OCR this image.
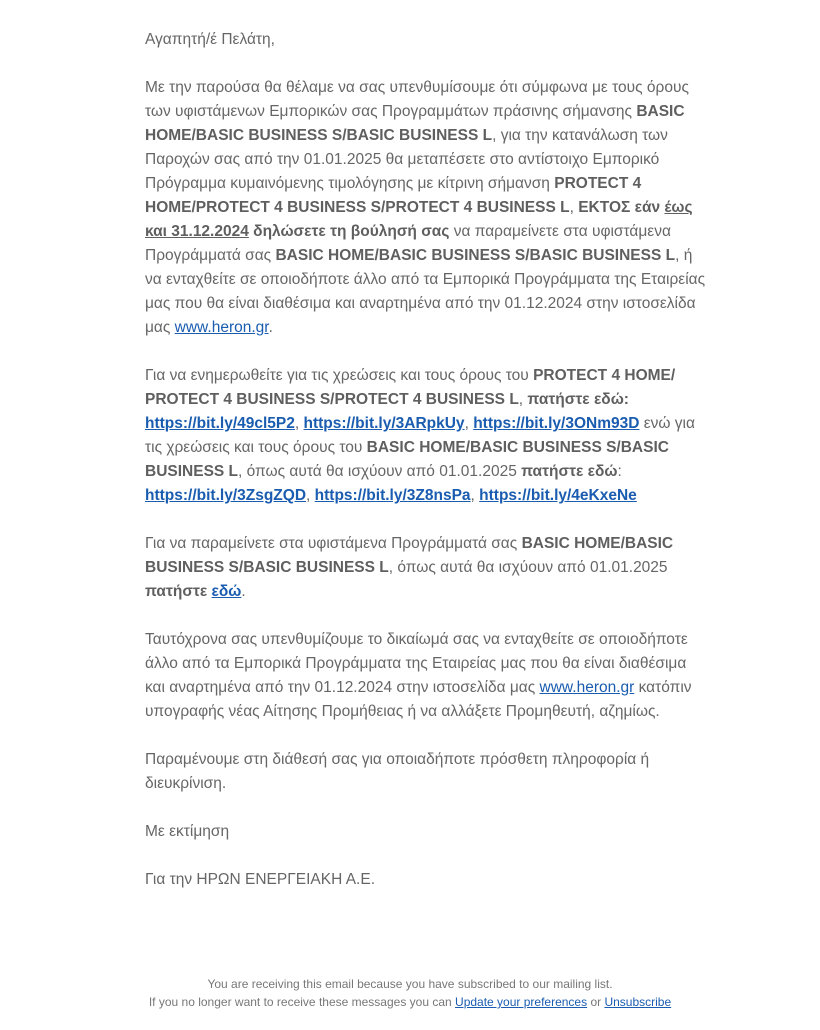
Αγαπητή/έ Πελάτη,

Με την παρούσα θα θέλαμε να σας υπενθυμίσουμε ότι σύμφωνα με τους όρους των υφιστάμενων Εμπορικών σας Προγραμμάτων πράσινης σήμανσης BASIC HOME/BASIC BUSINESS S/BASIC BUSINESS L, για την κατανάλωση των Παροχών σας από την 01.01.2025 θα μεταπέσετε στο αντίστοιχο Εμπορικό Πρόγραμμα κυμαινόμενης τιμολόγησης με κίτρινη σήμανση PROTECT 4 HOME/PROTECT 4 BUSINESS S/PROTECT 4 BUSINESS L, ΕΚΤΟΣ εάν έως και 31.12.2024 δηλώσετε τη βούλησή σας να παραμείνετε στα υφιστάμενα Προγράμματά σας BASIC HOME/BASIC BUSINESS S/BASIC BUSINESS L, ή να ενταχθείτε σε οποιοδήποτε άλλο από τα Εμπορικά Προγράμματα της Εταιρείας μας που θα είναι διαθέσιμα και αναρτημένα από την 01.12.2024 στην ιστοσελίδα μας www.heron.gr.

Για να ενημερωθείτε για τις χρεώσεις και τους όρους του PROTECT 4 HOME/ PROTECT 4 BUSINESS S/PROTECT 4 BUSINESS L, πατήστε εδώ: https://bit.ly/49cl5P2, https://bit.ly/3ARpkUy, https://bit.ly/3ONm93D ενώ για τις χρεώσεις και τους όρους του BASIC HOME/BASIC BUSINESS S/BASIC BUSINESS L, όπως αυτά θα ισχύουν από 01.01.2025 πατήστε εδώ: https://bit.ly/3ZsgZQD, https://bit.ly/3Z8nsPa, https://bit.ly/4eKxeNe

Για να παραμείνετε στα υφιστάμενα Προγράμματά σας BASIC HOME/BASIC BUSINESS S/BASIC BUSINESS L, όπως αυτά θα ισχύουν από 01.01.2025 πατήστε εδώ.

Ταυτόχρονα σας υπενθυμίζουμε το δικαίωμά σας να ενταχθείτε σε οποιοδήποτε άλλο από τα Εμπορικά Προγράμματα της Εταιρείας μας που θα είναι διαθέσιμα και αναρτημένα από την 01.12.2024 στην ιστοσελίδα μας www.heron.gr κατόπιν υπογραφής νέας Αίτησης Προμήθειας ή να αλλάξετε Προμηθευτή, αζημίως.

Παραμένουμε στη διάθεσή σας για οποιαδήποτε πρόσθετη πληροφορία ή διευκρίνιση.

Με εκτίμηση

Για την ΗΡΩΝ ΕΝΕΡΓΕΙΑΚΗ Α.Ε.

You are receiving this email because you have subscribed to our mailing list.
If you no longer want to receive these messages you can Update your preferences or Unsubscribe
